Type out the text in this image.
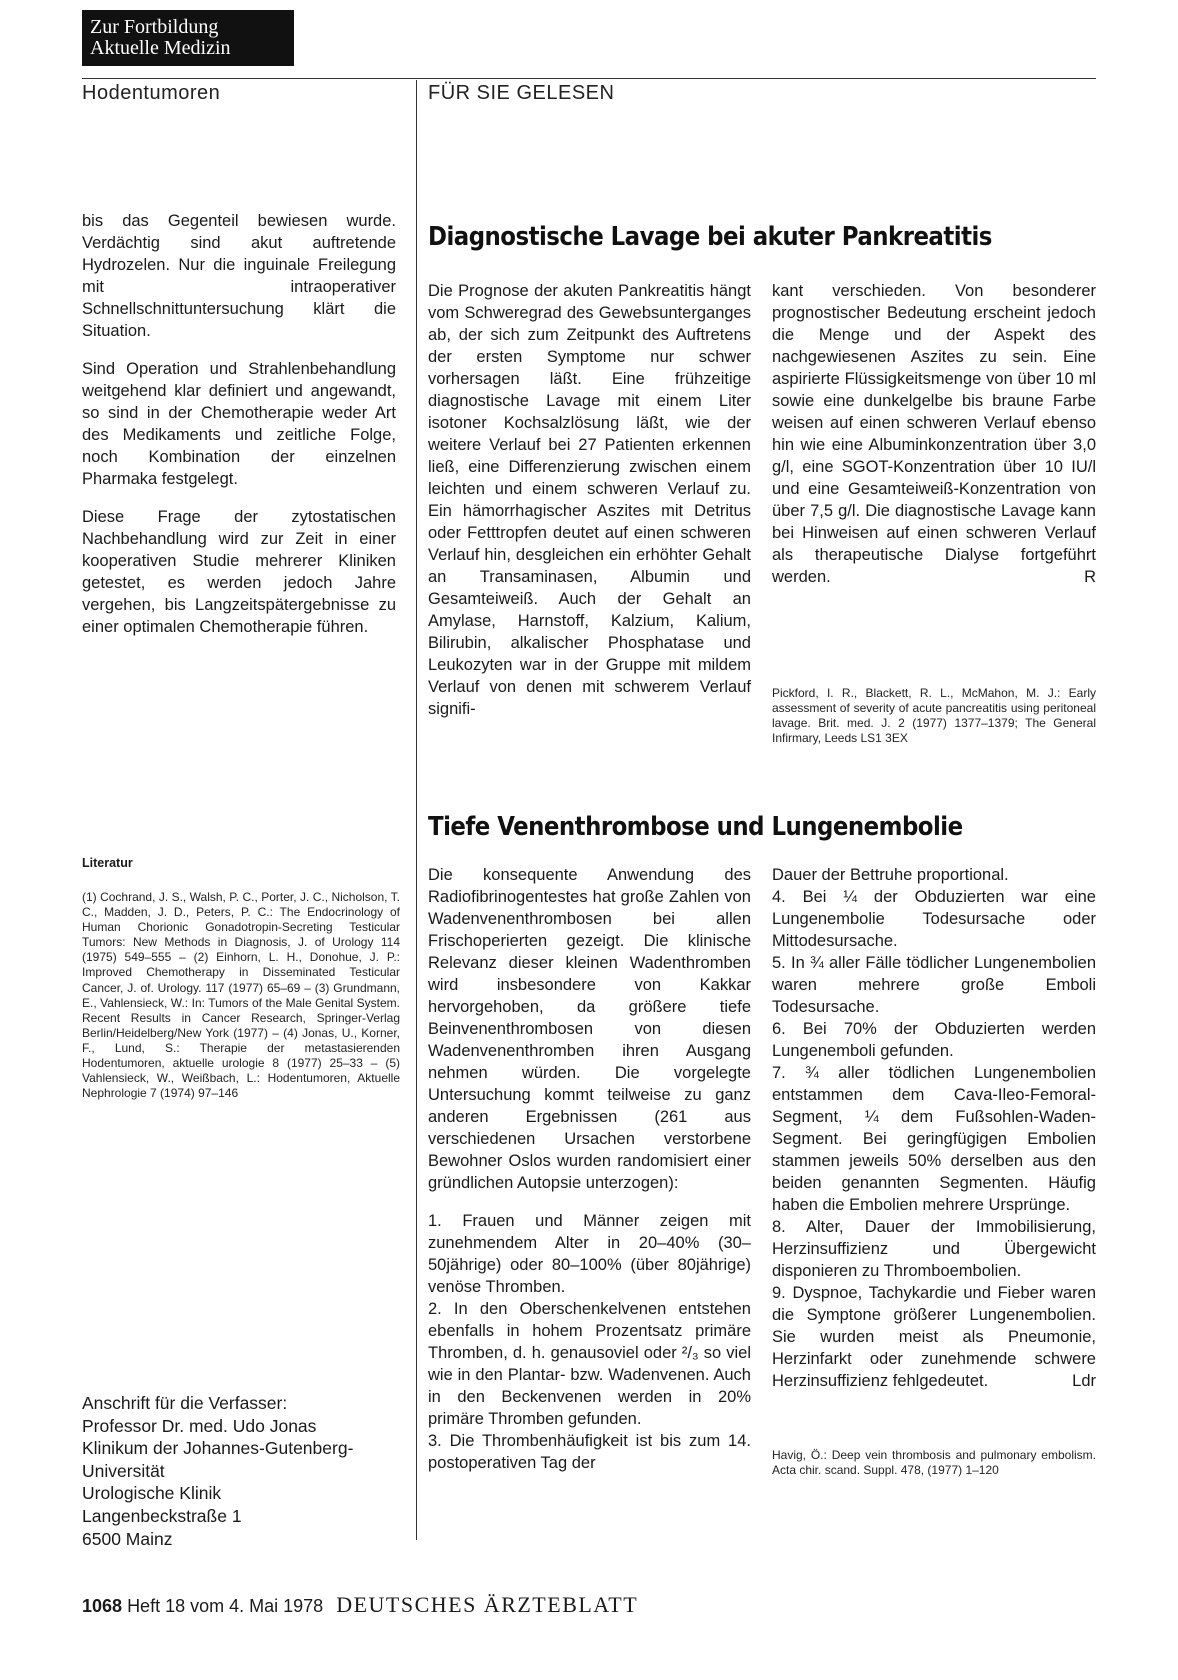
Zur Fortbildung
Aktuelle Medizin
Hodentumoren	FÜR SIE GELESEN

bis das Gegenteil bewiesen wurde. Verdächtig sind akut auftretende Hydrozelen. Nur die inguinale Freilegung mit intraoperativer Schnellschnittuntersuchung klärt die Situation.

Sind Operation und Strahlenbehandlung weitgehend klar definiert und angewandt, so sind in der Chemotherapie weder Art des Medikaments und zeitliche Folge, noch Kombination der einzelnen Pharmaka festgelegt.

Diese Frage der zytostatischen Nachbehandlung wird zur Zeit in einer kooperativen Studie mehrerer Kliniken getestet, es werden jedoch Jahre vergehen, bis Langzeitspätergebnisse zu einer optimalen Chemotherapie führen.

Literatur
(1) Cochrand, J. S., Walsh, P. C., Porter, J. C., Nicholson, T. C., Madden, J. D., Peters, P. C.: The Endocrinology of Human Chorionic Gonadotropin-Secreting Testicular Tumors: New Methods in Diagnosis, J. of Urology 114 (1975) 549–555 – (2) Einhorn, L. H., Donohue, J. P.: Improved Chemotherapy in Disseminated Testicular Cancer, J. of. Urology. 117 (1977) 65–69 – (3) Grundmann, E., Vahlensieck, W.: In: Tumors of the Male Genital System. Recent Results in Cancer Research, Springer-Verlag Berlin/Heidelberg/New York (1977) – (4) Jonas, U., Korner, F., Lund, S.: Therapie der metastasierenden Hodentumoren, aktuelle urologie 8 (1977) 25–33 – (5) Vahlensieck, W., Weißbach, L.: Hodentumoren, Aktuelle Nephrologie 7 (1974) 97–146
Anschrift für die Verfasser:
Professor Dr. med. Udo Jonas
Klinikum der Johannes-Gutenberg-Universität
Urologische Klinik
Langenbeckstraße 1
6500 Mainz
Diagnostische Lavage bei akuter Pankreatitis
Die Prognose der akuten Pankreatitis hängt vom Schweregrad des Gewebsunterganges ab, der sich zum Zeitpunkt des Auftretens der ersten Symptome nur schwer vorhersagen läßt. Eine frühzeitige diagnostische Lavage mit einem Liter isotoner Kochsalzlösung läßt, wie der weitere Verlauf bei 27 Patienten erkennen ließ, eine Differenzierung zwischen einem leichten und einem schweren Verlauf zu. Ein hämorrhagischer Aszites mit Detritus oder Fetttropfen deutet auf einen schweren Verlauf hin, desgleichen ein erhöhter Gehalt an Transaminasen, Albumin und Gesamteiweiß. Auch der Gehalt an Amylase, Harnstoff, Kalzium, Kalium, Bilirubin, alkalischer Phosphatase und Leukozyten war in der Gruppe mit mildem Verlauf von denen mit schwerem Verlauf signifi-
kant verschieden. Von besonderer prognostischer Bedeutung erscheint jedoch die Menge und der Aspekt des nachgewiesenen Aszites zu sein. Eine aspirierte Flüssigkeitsmenge von über 10 ml sowie eine dunkelgelbe bis braune Farbe weisen auf einen schweren Verlauf ebenso hin wie eine Albuminkonzentration über 3,0 g/l, eine SGOT-Konzentration über 10 IU/l und eine Gesamteiweiß-Konzentration von über 7,5 g/l. Die diagnostische Lavage kann bei Hinweisen auf einen schweren Verlauf als therapeutische Dialyse fortgeführt werden.	R
Pickford, I. R., Blackett, R. L., McMahon, M. J.: Early assessment of severity of acute pancreatitis using peritoneal lavage. Brit. med. J. 2 (1977) 1377–1379; The General Infirmary, Leeds LS1 3EX
Tiefe Venenthrombose und Lungenembolie

Die konsequente Anwendung des Radiofibrinogentestes hat große Zahlen von Wadenvenenthrombosen bei allen Frischoperierten gezeigt. Die klinische Relevanz dieser kleinen Wadenthromben wird insbesondere von Kakkar hervorgehoben, da größere tiefe Beinvenenthrombosen von diesen Wadenvenenthromben ihren Ausgang nehmen würden. Die vorgelegte Untersuchung kommt teilweise zu ganz anderen Ergebnissen (261 aus verschiedenen Ursachen verstorbene Bewohner Oslos wurden randomisiert einer gründlichen Autopsie unterzogen):

1. Frauen und Männer zeigen mit zunehmendem Alter in 20–40% (30–50jährige) oder 80–100% (über 80jährige) venöse Thromben.
2. In den Oberschenkelvenen entstehen ebenfalls in hohem Prozentsatz primäre Thromben, d. h. genausoviel oder ²/₃ so viel wie in den Plantar- bzw. Wadenvenen. Auch in den Beckenvenen werden in 20% primäre Thromben gefunden.
3. Die Thrombenhäufigkeit ist bis zum 14. postoperativen Tag der
Dauer der Bettruhe proportional.
4. Bei ¼ der Obduzierten war eine Lungenembolie Todesursache oder Mittodesursache.
5. In ¾ aller Fälle tödlicher Lungenembolien waren mehrere große Emboli Todesursache.
6. Bei 70% der Obduzierten werden Lungenemboli gefunden.
7. ¾ aller tödlichen Lungenembolien entstammen dem Cava-Ileo-Femoral-Segment, ¼ dem Fußsohlen-Waden-Segment. Bei geringfügigen Embolien stammen jeweils 50% derselben aus den beiden genannten Segmenten. Häufig haben die Embolien mehrere Ursprünge.
8. Alter, Dauer der Immobilisierung, Herzinsuffizienz und Übergewicht disponieren zu Thromboembolien.
9. Dyspnoe, Tachykardie und Fieber waren die Symptone größerer Lungenembolien. Sie wurden meist als Pneumonie, Herzinfarkt oder zunehmende schwere Herzinsuffizienz fehlgedeutet.	Ldr
Havig, Ö.: Deep vein thrombosis and pulmonary embolism. Acta chir. scand. Suppl. 478, (1977) 1–120
1068 Heft 18 vom 4. Mai 1978 DEUTSCHES ÄRZTEBLATT
